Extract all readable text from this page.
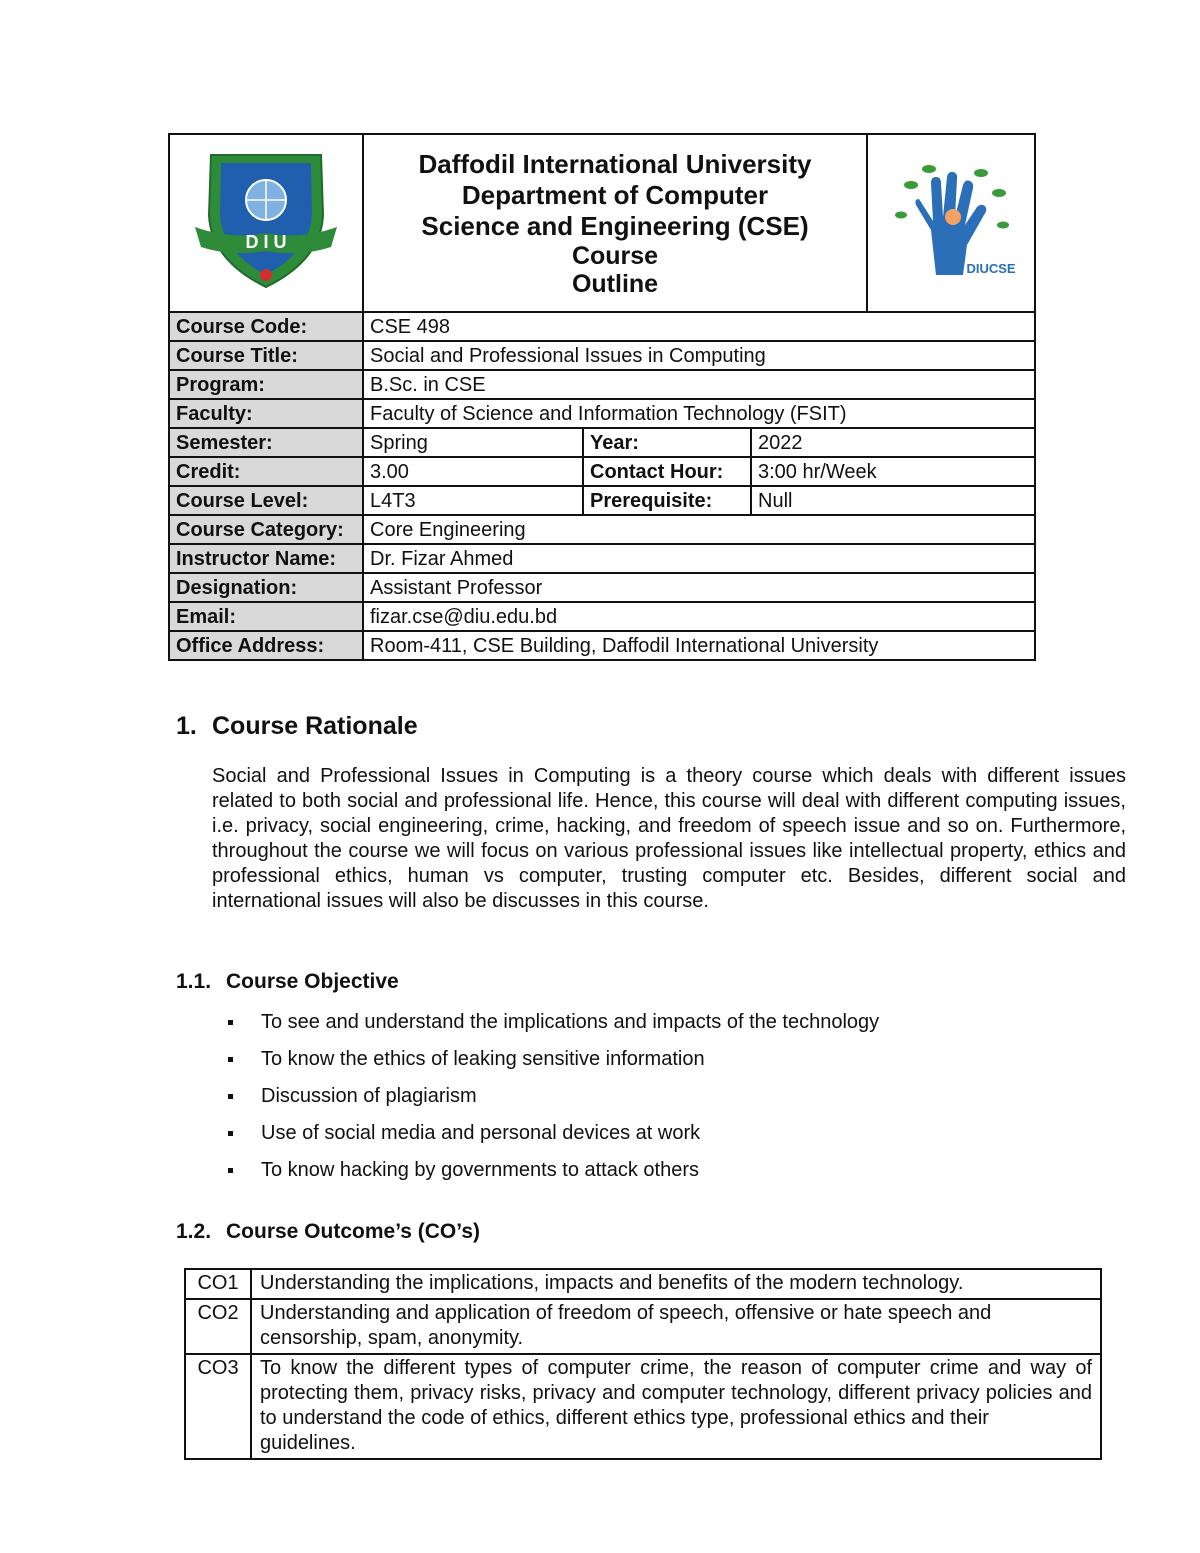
D I U	Daffodil International University
Department of Computer
Science and Engineering (CSE)
Course
Outline			DIUCSE

Course Code:	CSE 498			
Course Title:	Social and Professional Issues in Computing			
Program:	B.Sc. in CSE			
Faculty:	Faculty of Science and Information Technology (FSIT)			
Semester:	Spring	Year:	2022	
Credit:	3.00	Contact Hour:	3:00 hr/Week	
Course Level:	L4T3	Prerequisite:	Null	
Course Category:	Core Engineering			
Instructor Name:	Dr. Fizar Ahmed			
Designation:	Assistant Professor			
Email:	fizar.cse@diu.edu.bd			
Office Address:	Room-411, CSE Building, Daffodil International University			
1. Course Rationale

Social and Professional Issues in Computing is a theory course which deals with different issues related to both social and professional life. Hence, this course will deal with different computing issues, i.e. privacy, social engineering, crime, hacking, and freedom of speech issue and so on. Furthermore, throughout the course we will focus on various professional issues like intellectual property, ethics and professional ethics, human vs computer, trusting computer etc. Besides, different social and international issues will also be discusses in this course.

1.1. Course Objective
To see and understand the implications and impacts of the technology
To know the ethics of leaking sensitive information
Discussion of plagiarism
Use of social media and personal devices at work
To know hacking by governments to attack others
1.2. Course Outcome’s (CO’s)
CO1	Understanding the implications, impacts and benefits of the modern technology.
CO2	Understanding and application of freedom of speech, offensive or hate speech and censorship, spam, anonymity.
CO3	To know the different types of computer crime, the reason of computer crime and way of protecting them, privacy risks, privacy and computer technology, different privacy policies and to understand the code of ethics, different ethics type, professional ethics and their
guidelines.
